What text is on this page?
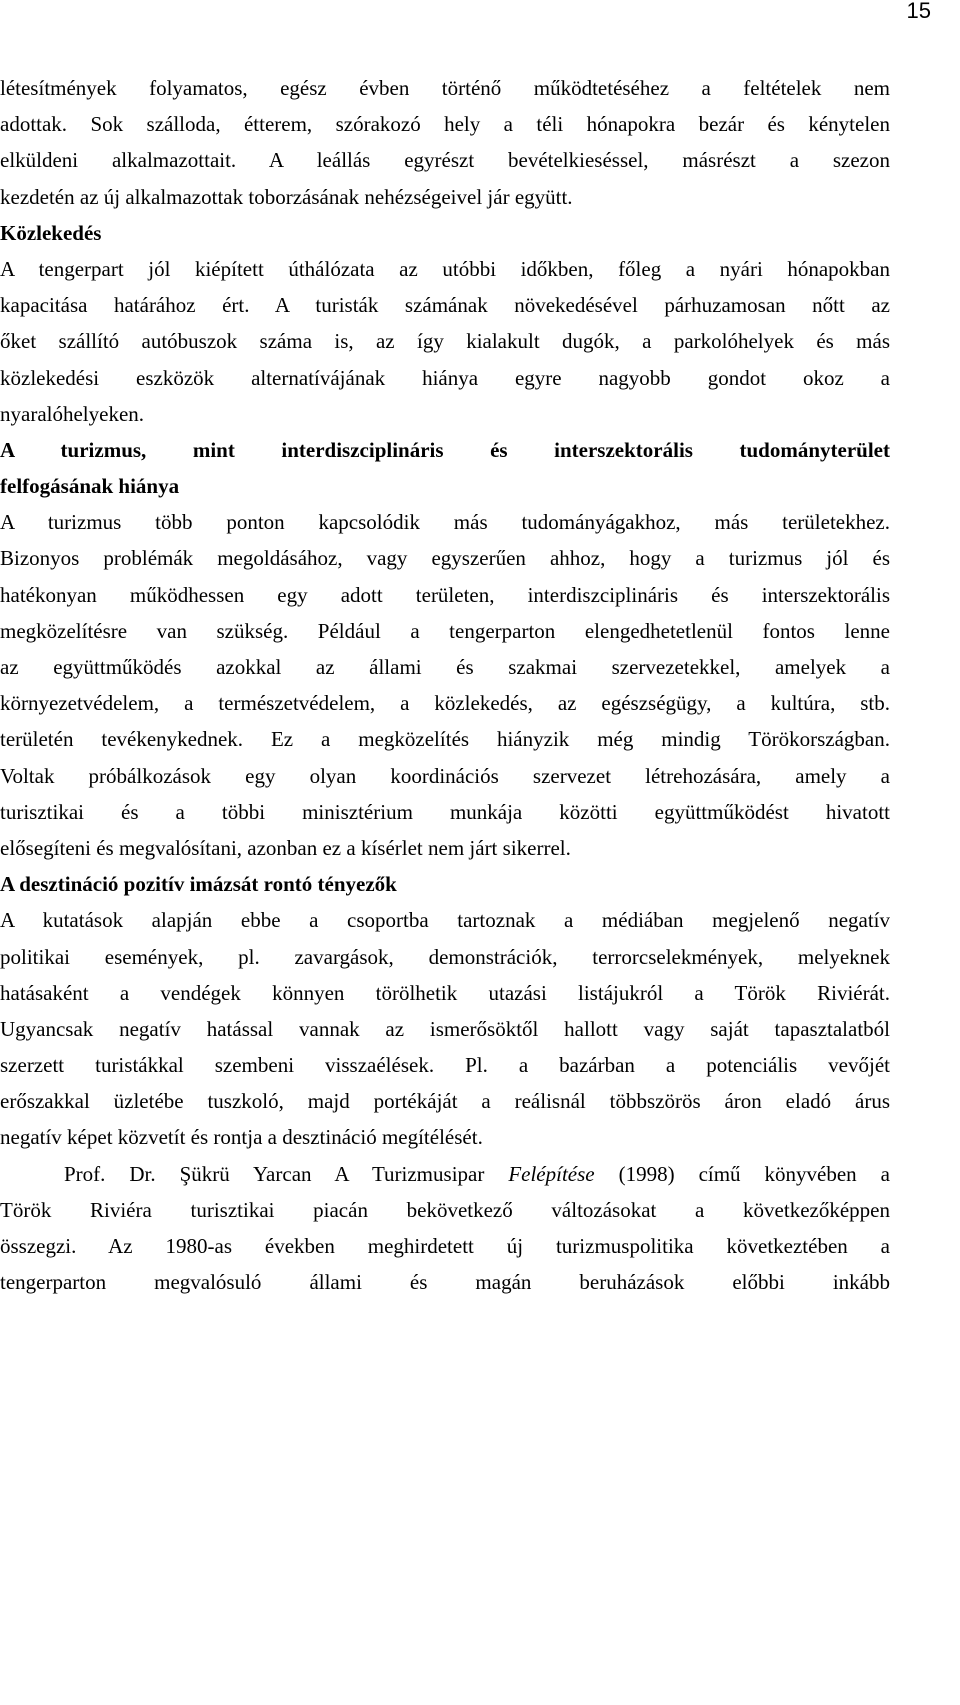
15
létesítmények folyamatos, egész évben történő működtetéséhez a feltételek nem
adottak. Sok szálloda, étterem, szórakozó hely a téli hónapokra bezár és kénytelen
elküldeni alkalmazottait. A leállás egyrészt bevételkieséssel, másrészt a szezon
kezdetén az új alkalmazottak toborzásának nehézségeivel jár együtt.
Közlekedés
A tengerpart jól kiépített úthálózata az utóbbi időkben, főleg a nyári hónapokban
kapacitása határához ért. A turisták számának növekedésével párhuzamosan nőtt az
őket szállító autóbuszok száma is, az így kialakult dugók, a parkolóhelyek és más
közlekedési eszközök alternatívájának hiánya egyre nagyobb gondot okoz a
nyaralóhelyeken.
A turizmus, mint interdiszciplináris és interszektorális tudományterület
felfogásának hiánya
A turizmus több ponton kapcsolódik más tudományágakhoz, más területekhez.
Bizonyos problémák megoldásához, vagy egyszerűen ahhoz, hogy a turizmus jól és
hatékonyan működhessen egy adott területen, interdiszciplináris és interszektorális
megközelítésre van szükség. Például a tengerparton elengedhetetlenül fontos lenne
az együttműködés azokkal az állami és szakmai szervezetekkel, amelyek a
környezetvédelem, a természetvédelem, a közlekedés, az egészségügy, a kultúra, stb.
területén tevékenykednek. Ez a megközelítés hiányzik még mindig Törökországban.
Voltak próbálkozások egy olyan koordinációs szervezet létrehozására, amely a
turisztikai és a többi minisztérium munkája közötti együttműködést hivatott
elősegíteni és megvalósítani, azonban ez a kísérlet nem járt sikerrel.
A desztináció pozitív imázsát rontó tényezők
A kutatások alapján ebbe a csoportba tartoznak a médiában megjelenő negatív
politikai események, pl. zavargások, demonstrációk, terrorcselekmények, melyeknek
hatásaként a vendégek könnyen törölhetik utazási listájukról a Török Riviérát.
Ugyancsak negatív hatással vannak az ismerősöktől hallott vagy saját tapasztalatból
szerzett turistákkal szembeni visszaélések. Pl. a bazárban a potenciális vevőjét
erőszakkal üzletébe tuszkoló, majd portékáját a reálisnál többszörös áron eladó árus
negatív képet közvetít és rontja a desztináció megítélését.
Prof. Dr. Şükrü Yarcan A Turizmusipar Felépítése (1998) című könyvében a
Török Riviéra turisztikai piacán bekövetkező változásokat a következőképpen
összegzi. Az 1980-as években meghirdetett új turizmuspolitika következtében a
tengerparton megvalósuló állami és magán beruházások előbbi inkább
